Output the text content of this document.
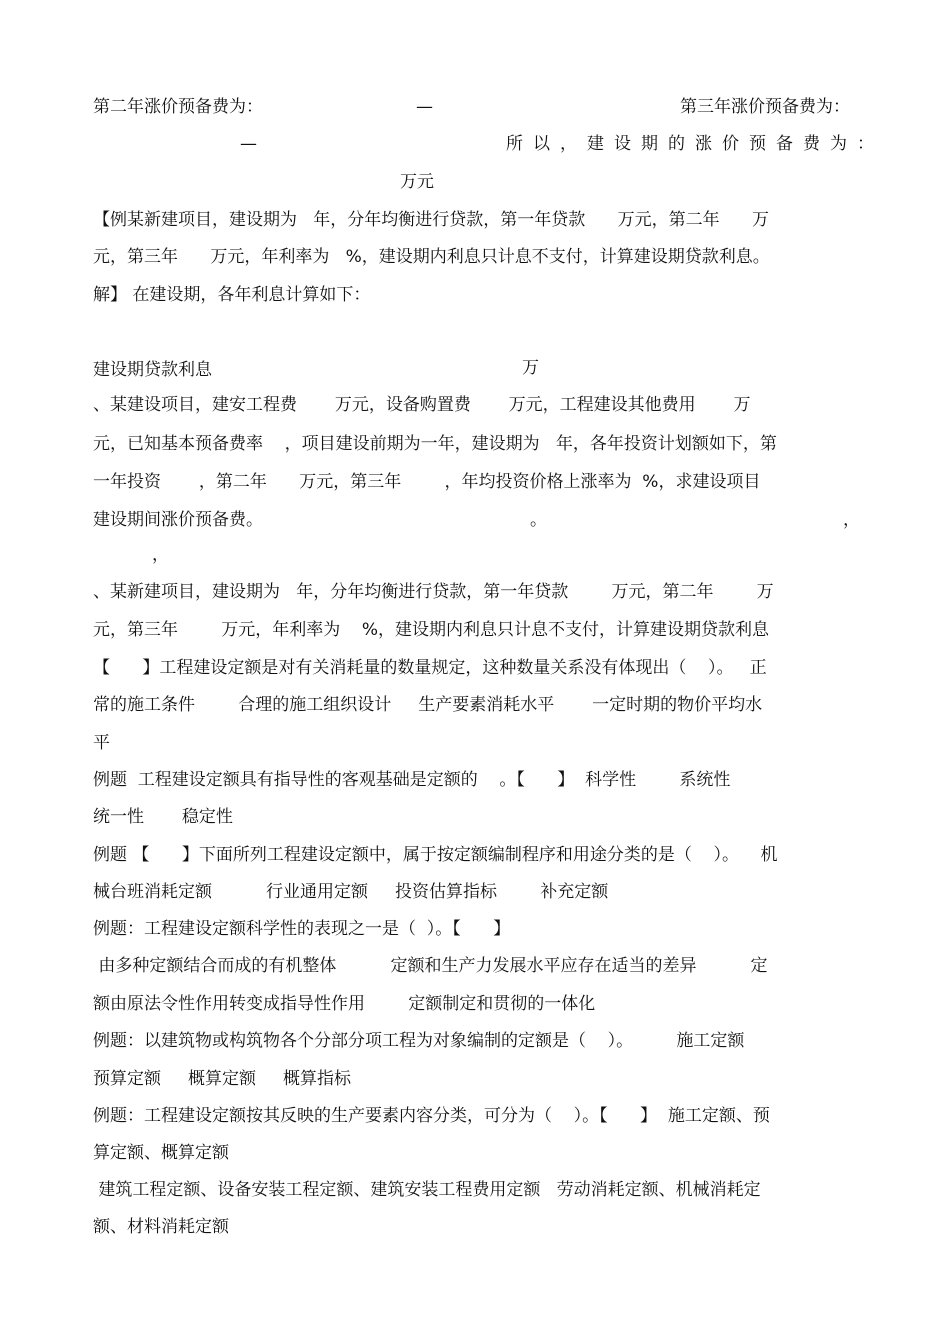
第二年涨价预备费为：	—	第三年涨价预备费为：
—	所以，建设期的涨价预备费为：
万元
【例某新建项目，建设期为   年，分年均衡进行贷款，第一年贷款      万元，第二年      万
元，第三年      万元，年利率为   %，建设期内利息只计息不支付，计算建设期贷款利息。
解】 在建设期，各年利息计算如下：
建设期贷款利息	万
、某建设项目，建安工程费       万元，设备购置费       万元，工程建设其他费用       万
元，已知基本预备费率    ，项目建设前期为一年，建设期为   年，各年投资计划额如下，第
一年投资       ，第二年      万元，第三年        ，年均投资价格上涨率为  %，求建设项目
建设期间涨价预备费。	。	，
，
、某新建项目，建设期为   年，分年均衡进行贷款，第一年贷款        万元，第二年        万
元，第三年        万元，年利率为    %，建设期内利息只计息不支付，计算建设期贷款利息
【      】工程建设定额是对有关消耗量的数量规定，这种数量关系没有体现出（    ）。   正
常的施工条件        合理的施工组织设计     生产要素消耗水平       一定时期的物价平均水
平
例题  工程建设定额具有指导性的客观基础是定额的    。【      】  科学性        系统性
统一性       稳定性
例题 【      】下面所列工程建设定额中，属于按定额编制程序和用途分类的是（    ）。    机
械台班消耗定额          行业通用定额     投资估算指标        补充定额
例题：工程建设定额科学性的表现之一是（  ）。【      】
由多种定额结合而成的有机整体          定额和生产力发展水平应存在适当的差异          定
额由原法令性作用转变成指导性作用        定额制定和贯彻的一体化
例题：以建筑物或构筑物各个分部分项工程为对象编制的定额是（    ）。        施工定额
预算定额     概算定额     概算指标
例题：工程建设定额按其反映的生产要素内容分类，可分为（    ）。【      】  施工定额、预
算定额、概算定额
建筑工程定额、设备安装工程定额、建筑安装工程费用定额   劳动消耗定额、机械消耗定
额、材料消耗定额
